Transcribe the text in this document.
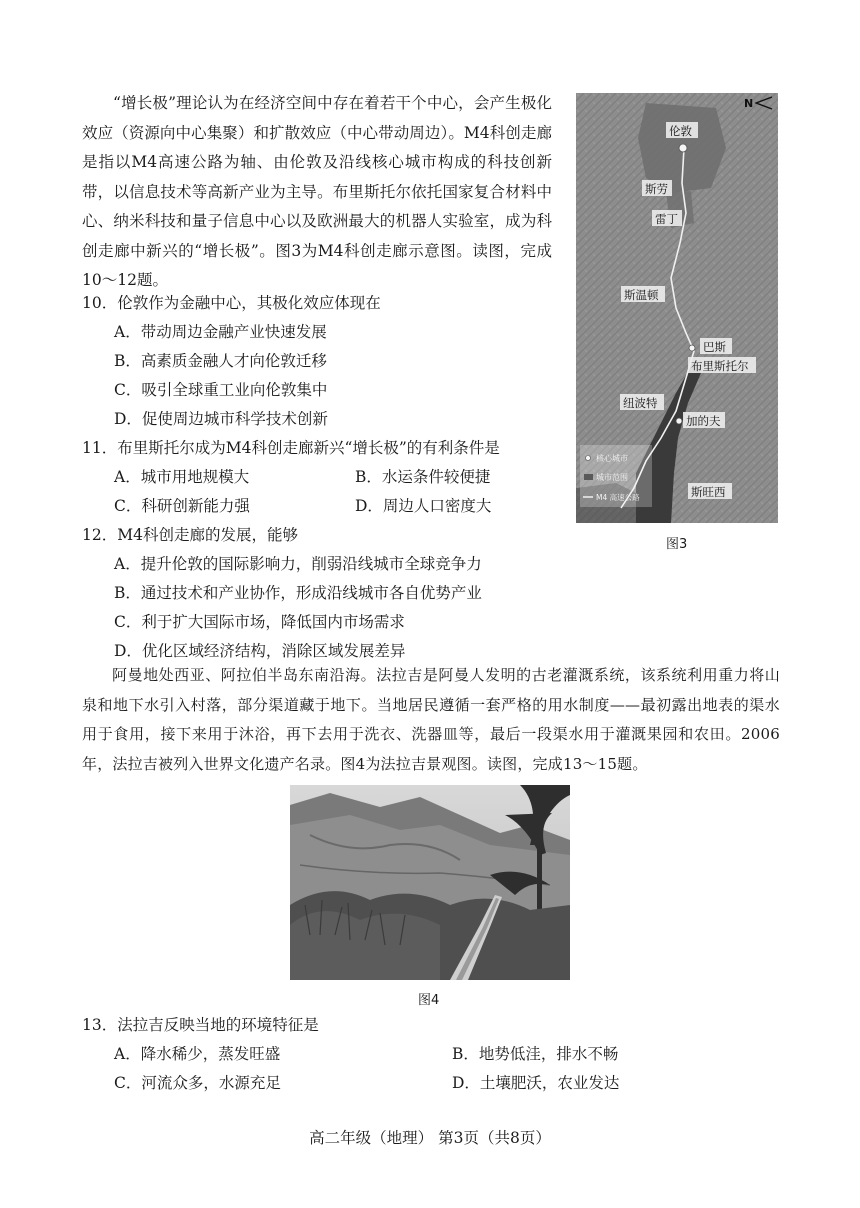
“增长极”理论认为在经济空间中存在着若干个中心，会产生极化效应（资源向中心集聚）和扩散效应（中心带动周边）。M4科创走廊是指以M4高速公路为轴、由伦敦及沿线核心城市构成的科技创新带，以信息技术等高新产业为主导。布里斯托尔依托国家复合材料中心、纳米科技和量子信息中心以及欧洲最大的机器人实验室，成为科创走廊中新兴的“增长极”。图3为M4科创走廊示意图。读图，完成10～12题。
10．伦敦作为金融中心，其极化效应体现在
A．带动周边金融产业快速发展
B．高素质金融人才向伦敦迁移
C．吸引全球重工业向伦敦集中
D．促使周边城市科学技术创新
11．布里斯托尔成为M4科创走廊新兴“增长极”的有利条件是
A．城市用地规模大	B．水运条件较便捷
C．科研创新能力强	D．周边人口密度大
12．M4科创走廊的发展，能够
A．提升伦敦的国际影响力，削弱沿线城市全球竞争力
B．通过技术和产业协作，形成沿线城市各自优势产业
C．利于扩大国际市场，降低国内市场需求
D．优化区域经济结构，消除区域发展差异
N
伦敦
斯劳
雷丁
斯温顿
巴斯
布里斯托尔
纽波特
加的夫
斯旺西
核心城市
城市范围
M4 高速公路
图3
阿曼地处西亚、阿拉伯半岛东南沿海。法拉吉是阿曼人发明的古老灌溉系统，该系统利用重力将山泉和地下水引入村落，部分渠道藏于地下。当地居民遵循一套严格的用水制度——最初露出地表的渠水用于食用，接下来用于沐浴，再下去用于洗衣、洗器皿等，最后一段渠水用于灌溉果园和农田。2006年，法拉吉被列入世界文化遗产名录。图4为法拉吉景观图。读图，完成13～15题。
图4
13．法拉吉反映当地的环境特征是
A．降水稀少，蒸发旺盛	B．地势低洼，排水不畅
C．河流众多，水源充足	D．土壤肥沃，农业发达
高二年级（地理） 第3页（共8页）
